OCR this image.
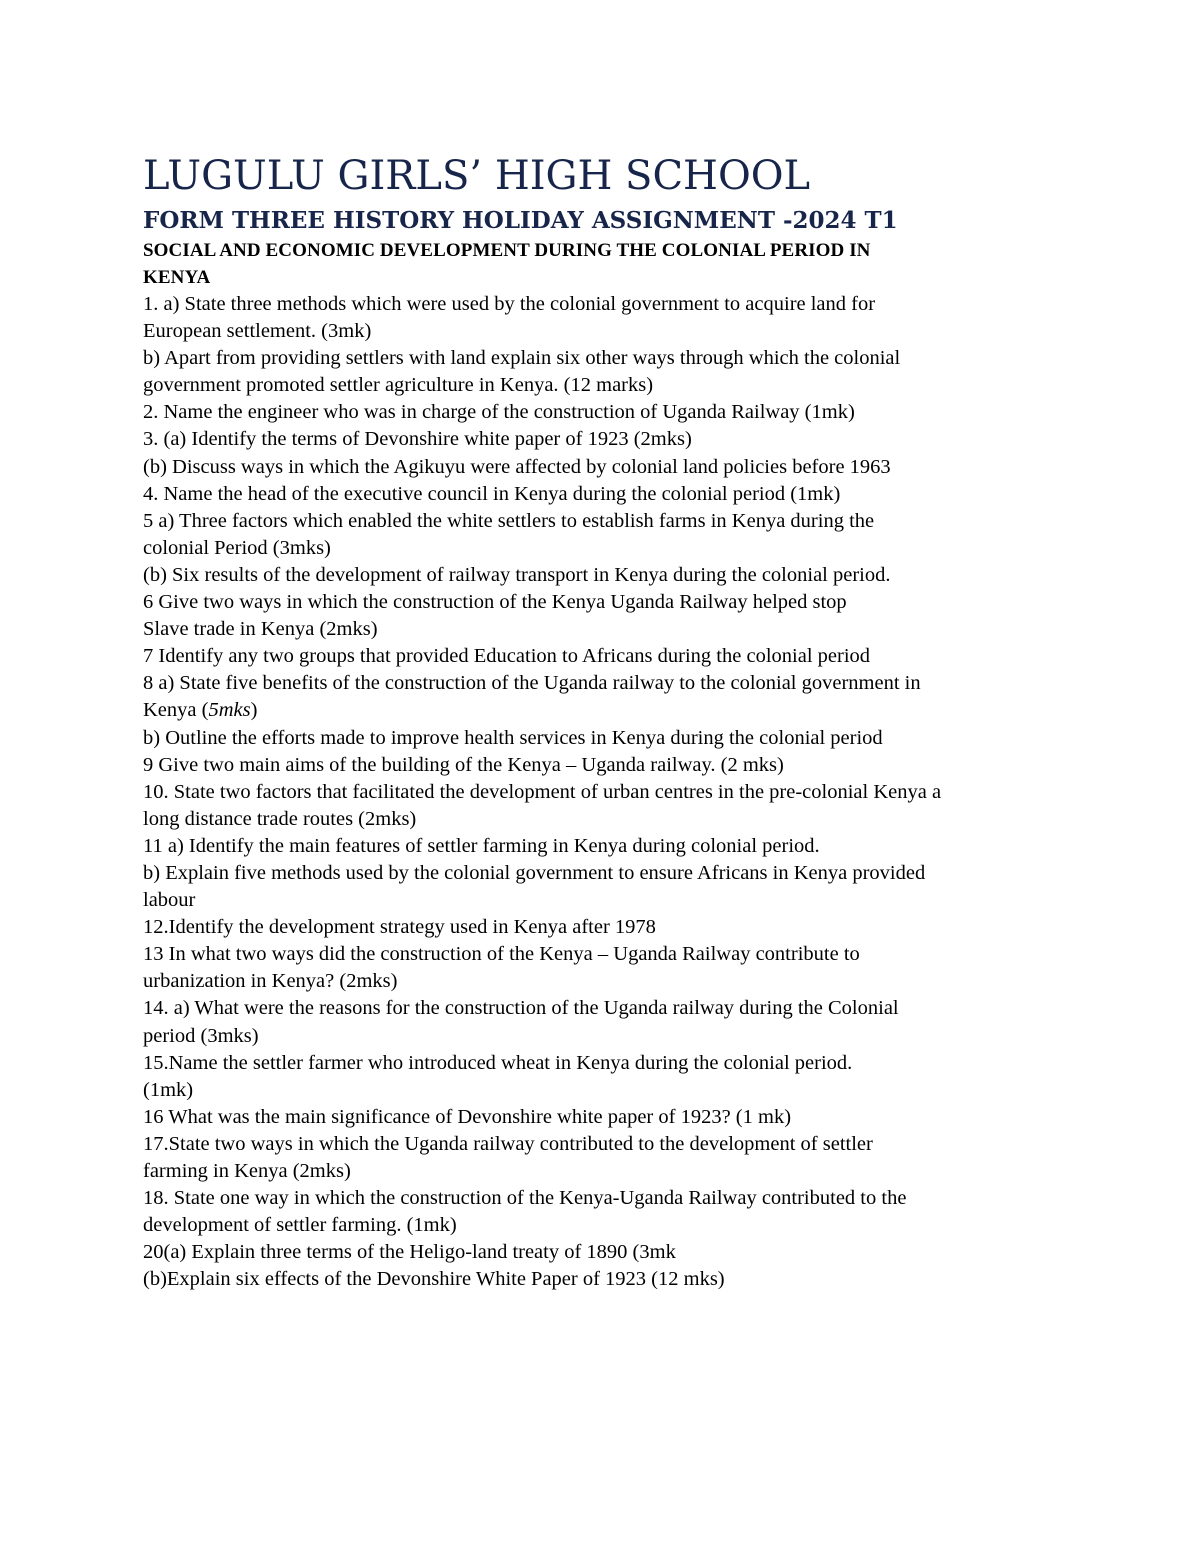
LUGULU GIRLS’ HIGH SCHOOL
FORM THREE HISTORY HOLIDAY ASSIGNMENT -2024 T1
SOCIAL AND ECONOMIC DEVELOPMENT DURING THE COLONIAL PERIOD IN
KENYA

1. a) State three methods which were used by the colonial government to acquire land for

European settlement. (3mk)

b) Apart from providing settlers with land explain six other ways through which the colonial

government promoted settler agriculture in Kenya. (12 marks)

2. Name the engineer who was in charge of the construction of Uganda Railway (1mk)

3. (a) Identify the terms of Devonshire white paper of 1923 (2mks)

(b) Discuss ways in which the Agikuyu were affected by colonial land policies before 1963

4. Name the head of the executive council in Kenya during the colonial period (1mk)

5 a) Three factors which enabled the white settlers to establish farms in Kenya during the

colonial Period (3mks)

(b) Six results of the development of railway transport in Kenya during the colonial period.

6 Give two ways in which the construction of the Kenya Uganda Railway helped stop

Slave trade in Kenya (2mks)

7 Identify any two groups that provided Education to Africans during the colonial period

8 a) State five benefits of the construction of the Uganda railway to the colonial government in

Kenya (5mks)

b) Outline the efforts made to improve health services in Kenya during the colonial period

9 Give two main aims of the building of the Kenya – Uganda railway. (2 mks)

10. State two factors that facilitated the development of urban centres in the pre-colonial Kenya a

long distance trade routes (2mks)

11 a) Identify the main features of settler farming in Kenya during colonial period.

b) Explain five methods used by the colonial government to ensure Africans in Kenya provided

labour

12.Identify the development strategy used in Kenya after 1978

13 In what two ways did the construction of the Kenya – Uganda Railway contribute to

urbanization in Kenya? (2mks)

14. a) What were the reasons for the construction of the Uganda railway during the Colonial

period (3mks)

15.Name the settler farmer who introduced wheat in Kenya during the colonial period.

(1mk)

16 What was the main significance of Devonshire white paper of 1923? (1 mk)

17.State two ways in which the Uganda railway contributed to the development of settler

farming in Kenya (2mks)

18. State one way in which the construction of the Kenya-Uganda Railway contributed to the

development of settler farming. (1mk)

20(a) Explain three terms of the Heligo-land treaty of 1890 (3mk

(b)Explain six effects of the Devonshire White Paper of 1923 (12 mks)
